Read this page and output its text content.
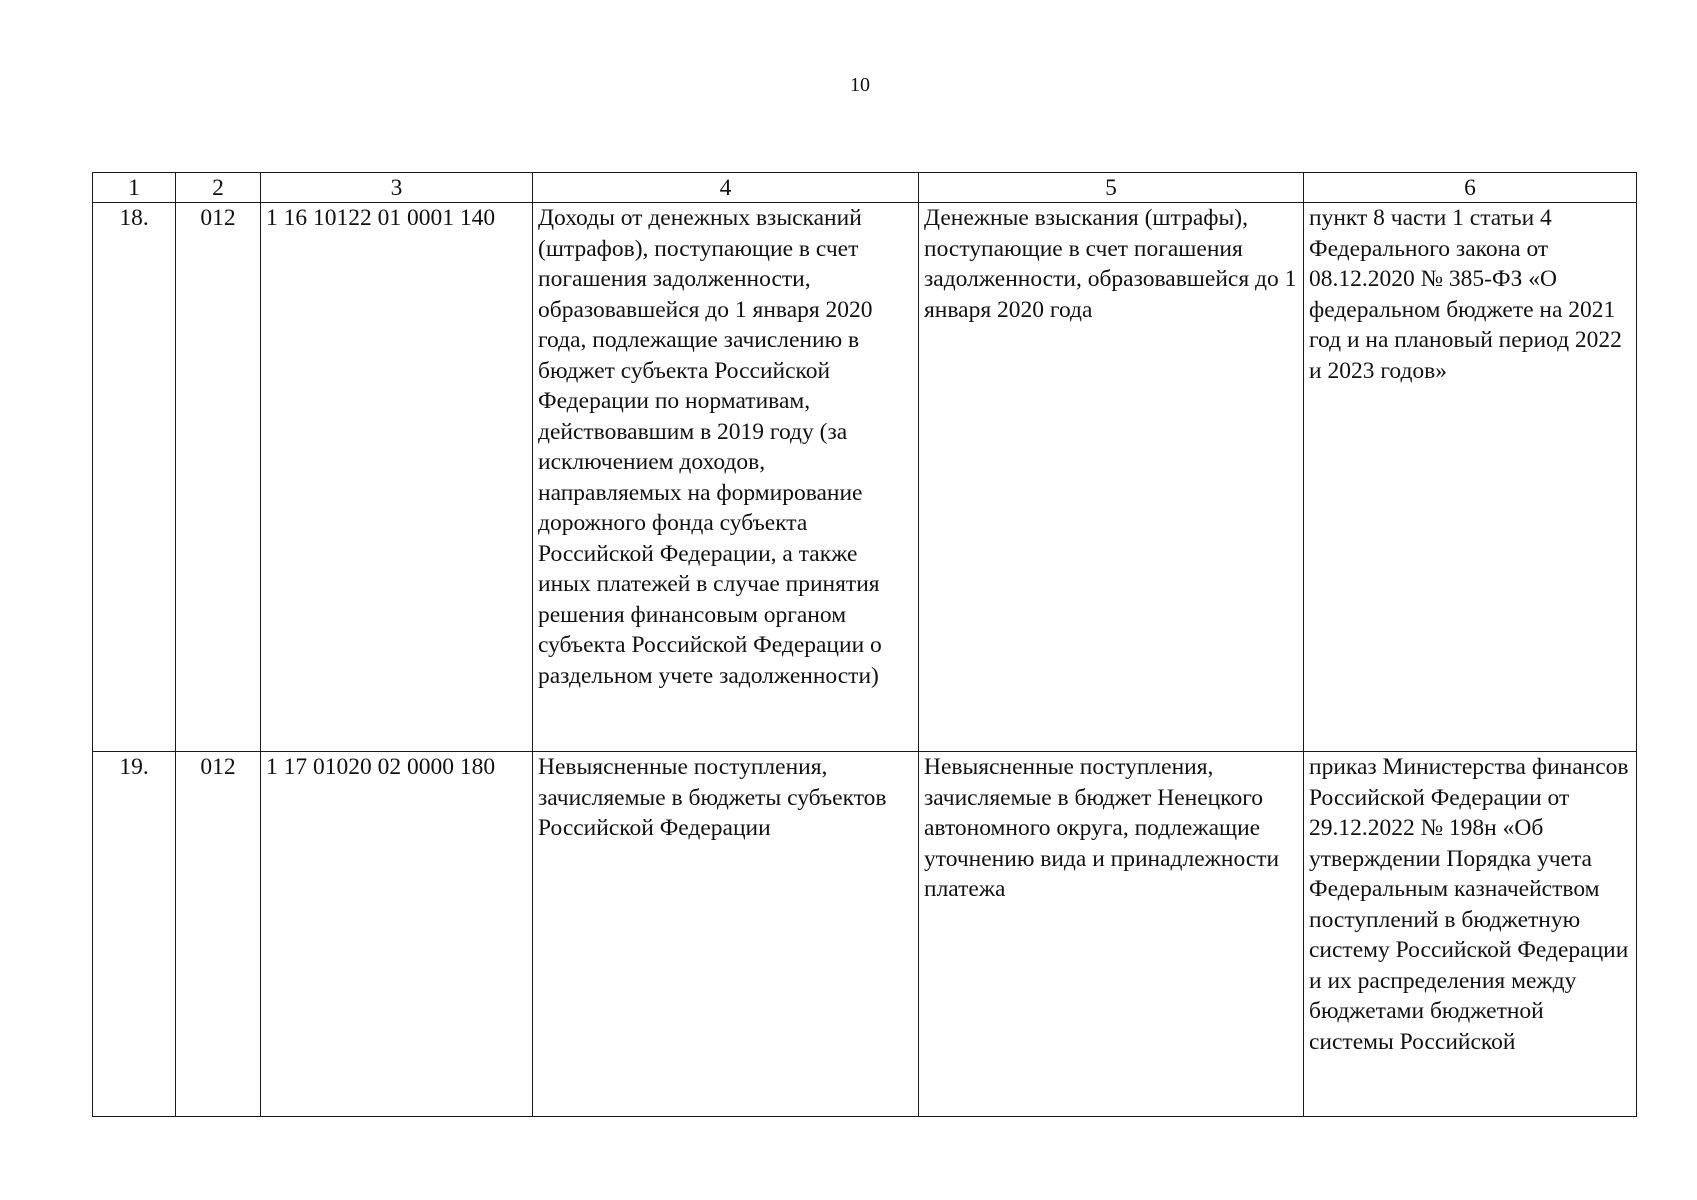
10
1	2	3	4	5	6
18.	012	1 16 10122 01 0001 140	Доходы от денежных взысканий (штрафов), поступающие в счет погашения задолженности, образовавшейся до 1 января 2020 года, подлежащие зачислению в бюджет субъекта Российской Федерации по нормативам, действовавшим в 2019 году (за исключением доходов, направляемых на формирование дорожного фонда субъекта Российской Федерации, а также иных платежей в случае принятия решения финансовым органом субъекта Российской Федерации о раздельном учете задолженности)	Денежные взыскания (штрафы), поступающие в счет погашения задолженности, образовавшейся до 1 января 2020 года	пункт 8 части 1 статьи 4 Федерального закона от 08.12.2020 № 385-ФЗ «О федеральном бюджете на 2021 год и на плановый период 2022 и 2023 годов»
19.	012	1 17 01020 02 0000 180	Невыясненные поступления, зачисляемые в бюджеты субъектов Российской Федерации	Невыясненные поступления, зачисляемые в бюджет Ненецкого автономного округа, подлежащие уточнению вида и принадлежности платежа	приказ Министерства финансов Российской Федерации от 29.12.2022 № 198н «Об утверждении Порядка учета Федеральным казначейством поступлений в бюджетную систему Российской Федерации и их распределения между бюджетами бюджетной системы Российской
